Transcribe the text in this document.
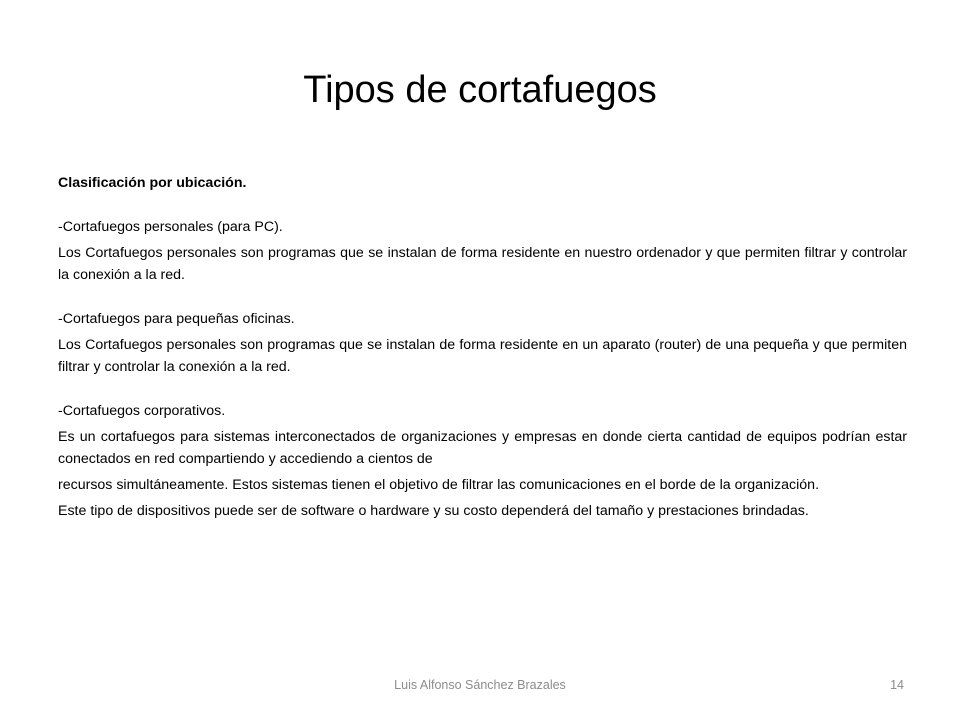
Tipos de cortafuegos

Clasificación por ubicación.

-Cortafuegos personales (para PC).

Los Cortafuegos personales son programas que se instalan de forma residente en nuestro ordenador y que permiten filtrar y controlar la conexión a la red.

-Cortafuegos para pequeñas oficinas.

Los Cortafuegos personales son programas que se instalan de forma residente en un aparato (router) de una pequeña y que permiten filtrar y controlar la conexión a la red.

-Cortafuegos corporativos.

Es un cortafuegos para sistemas interconectados de organizaciones y empresas en donde cierta cantidad de equipos podrían estar conectados en red compartiendo y accediendo a cientos de

recursos simultáneamente. Estos sistemas tienen el objetivo de filtrar las comunicaciones en el borde de la organización.

Este tipo de dispositivos puede ser de software o hardware y su costo dependerá del tamaño y prestaciones brindadas.

Luis Alfonso Sánchez Brazales	14
